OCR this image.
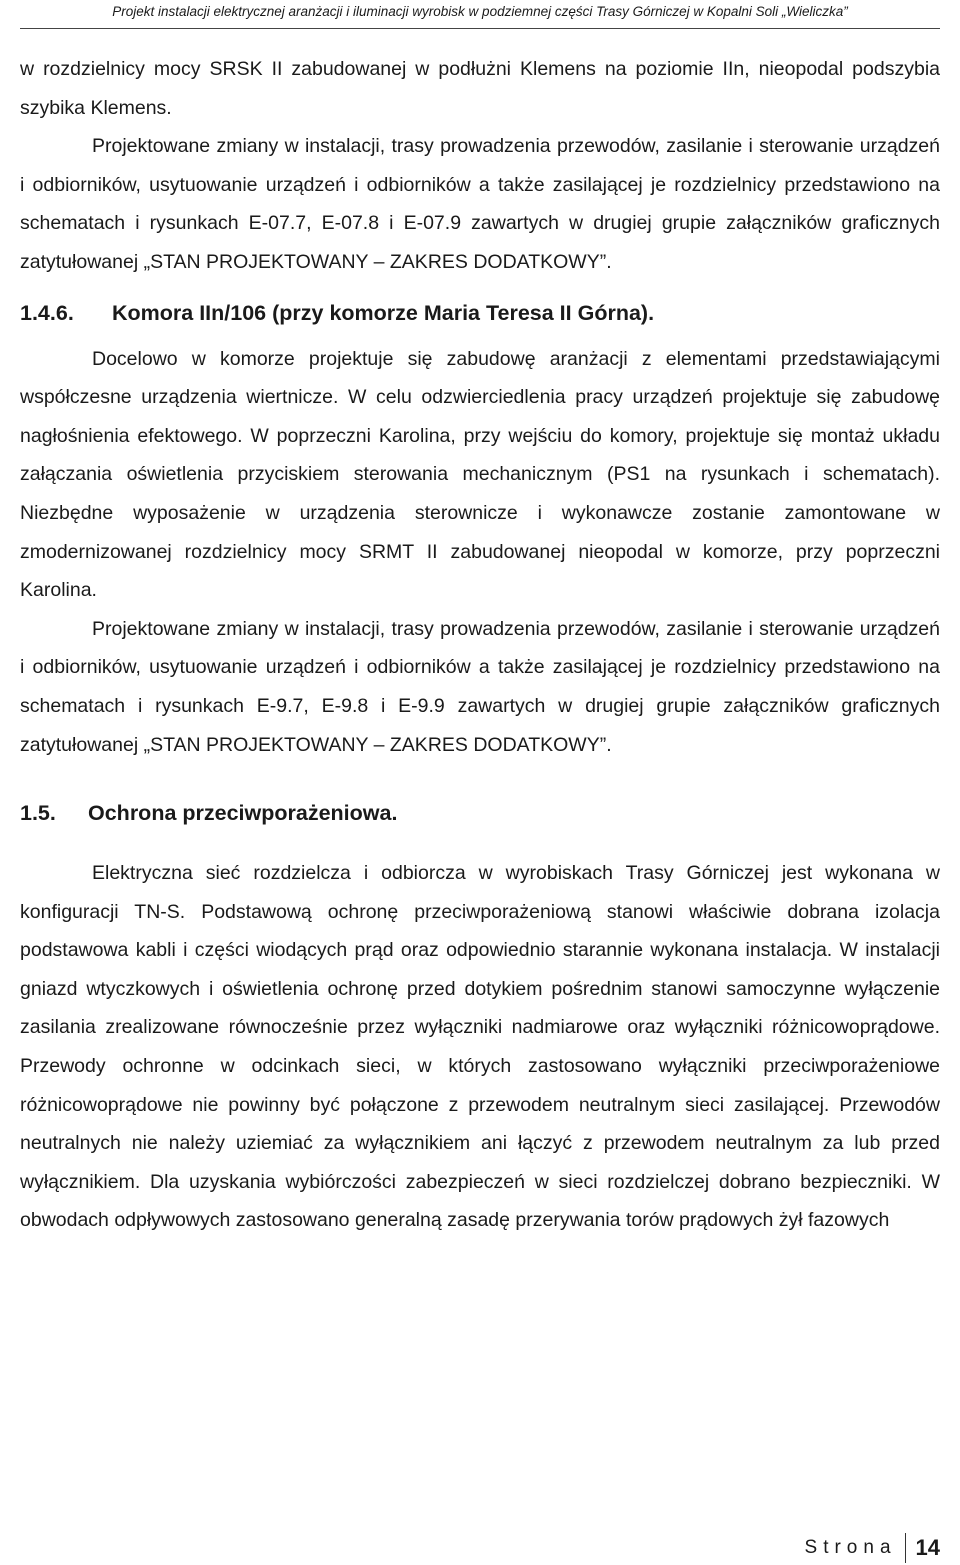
Projekt instalacji elektrycznej aranżacji i iluminacji wyrobisk w podziemnej części Trasy Górniczej w Kopalni Soli „Wieliczka”

w rozdzielnicy mocy SRSK II zabudowanej w podłużni Klemens na poziomie IIn, nieopodal podszybia szybika Klemens.

Projektowane zmiany w instalacji, trasy prowadzenia przewodów, zasilanie i sterowanie urządzeń i odbiorników, usytuowanie urządzeń i odbiorników a także zasilającej je rozdzielnicy przedstawiono na schematach i rysunkach E-07.7, E-07.8 i E-07.9 zawartych w drugiej grupie załączników graficznych zatytułowanej „STAN PROJEKTOWANY – ZAKRES DODATKOWY”.

1.4.6. Komora IIn/106 (przy komorze Maria Teresa II Górna).

Docelowo w komorze projektuje się zabudowę aranżacji z elementami przedstawiającymi współczesne urządzenia wiertnicze. W celu odzwierciedlenia pracy urządzeń projektuje się zabudowę nagłośnienia efektowego. W poprzeczni Karolina, przy wejściu do komory, projektuje się montaż układu załączania oświetlenia przyciskiem sterowania mechanicznym (PS1 na rysunkach i schematach). Niezbędne wyposażenie w urządzenia sterownicze i wykonawcze zostanie zamontowane w zmodernizowanej rozdzielnicy mocy SRMT II zabudowanej nieopodal w komorze, przy poprzeczni Karolina.

Projektowane zmiany w instalacji, trasy prowadzenia przewodów, zasilanie i sterowanie urządzeń i odbiorników, usytuowanie urządzeń i odbiorników a także zasilającej je rozdzielnicy przedstawiono na schematach i rysunkach E-9.7, E-9.8 i E-9.9 zawartych w drugiej grupie załączników graficznych zatytułowanej „STAN PROJEKTOWANY – ZAKRES DODATKOWY”.

1.5. Ochrona przeciwporażeniowa.

Elektryczna sieć rozdzielcza i odbiorcza w wyrobiskach Trasy Górniczej jest wykonana w konfiguracji TN-S. Podstawową ochronę przeciwporażeniową stanowi właściwie dobrana izolacja podstawowa kabli i części wiodących prąd oraz odpowiednio starannie wykonana instalacja. W instalacji gniazd wtyczkowych i oświetlenia ochronę przed dotykiem pośrednim stanowi samoczynne wyłączenie zasilania zrealizowane równocześnie przez wyłączniki nadmiarowe oraz wyłączniki różnicowoprądowe. Przewody ochronne w odcinkach sieci, w których zastosowano wyłączniki przeciwporażeniowe różnicowoprądowe nie powinny być połączone z przewodem neutralnym sieci zasilającej. Przewodów neutralnych nie należy uziemiać za wyłącznikiem ani łączyć z przewodem neutralnym za lub przed wyłącznikiem. Dla uzyskania wybiórczości zabezpieczeń w sieci rozdzielczej dobrano bezpieczniki. W obwodach odpływowych zastosowano generalną zasadę przerywania torów prądowych żył fazowych

Strona 14
